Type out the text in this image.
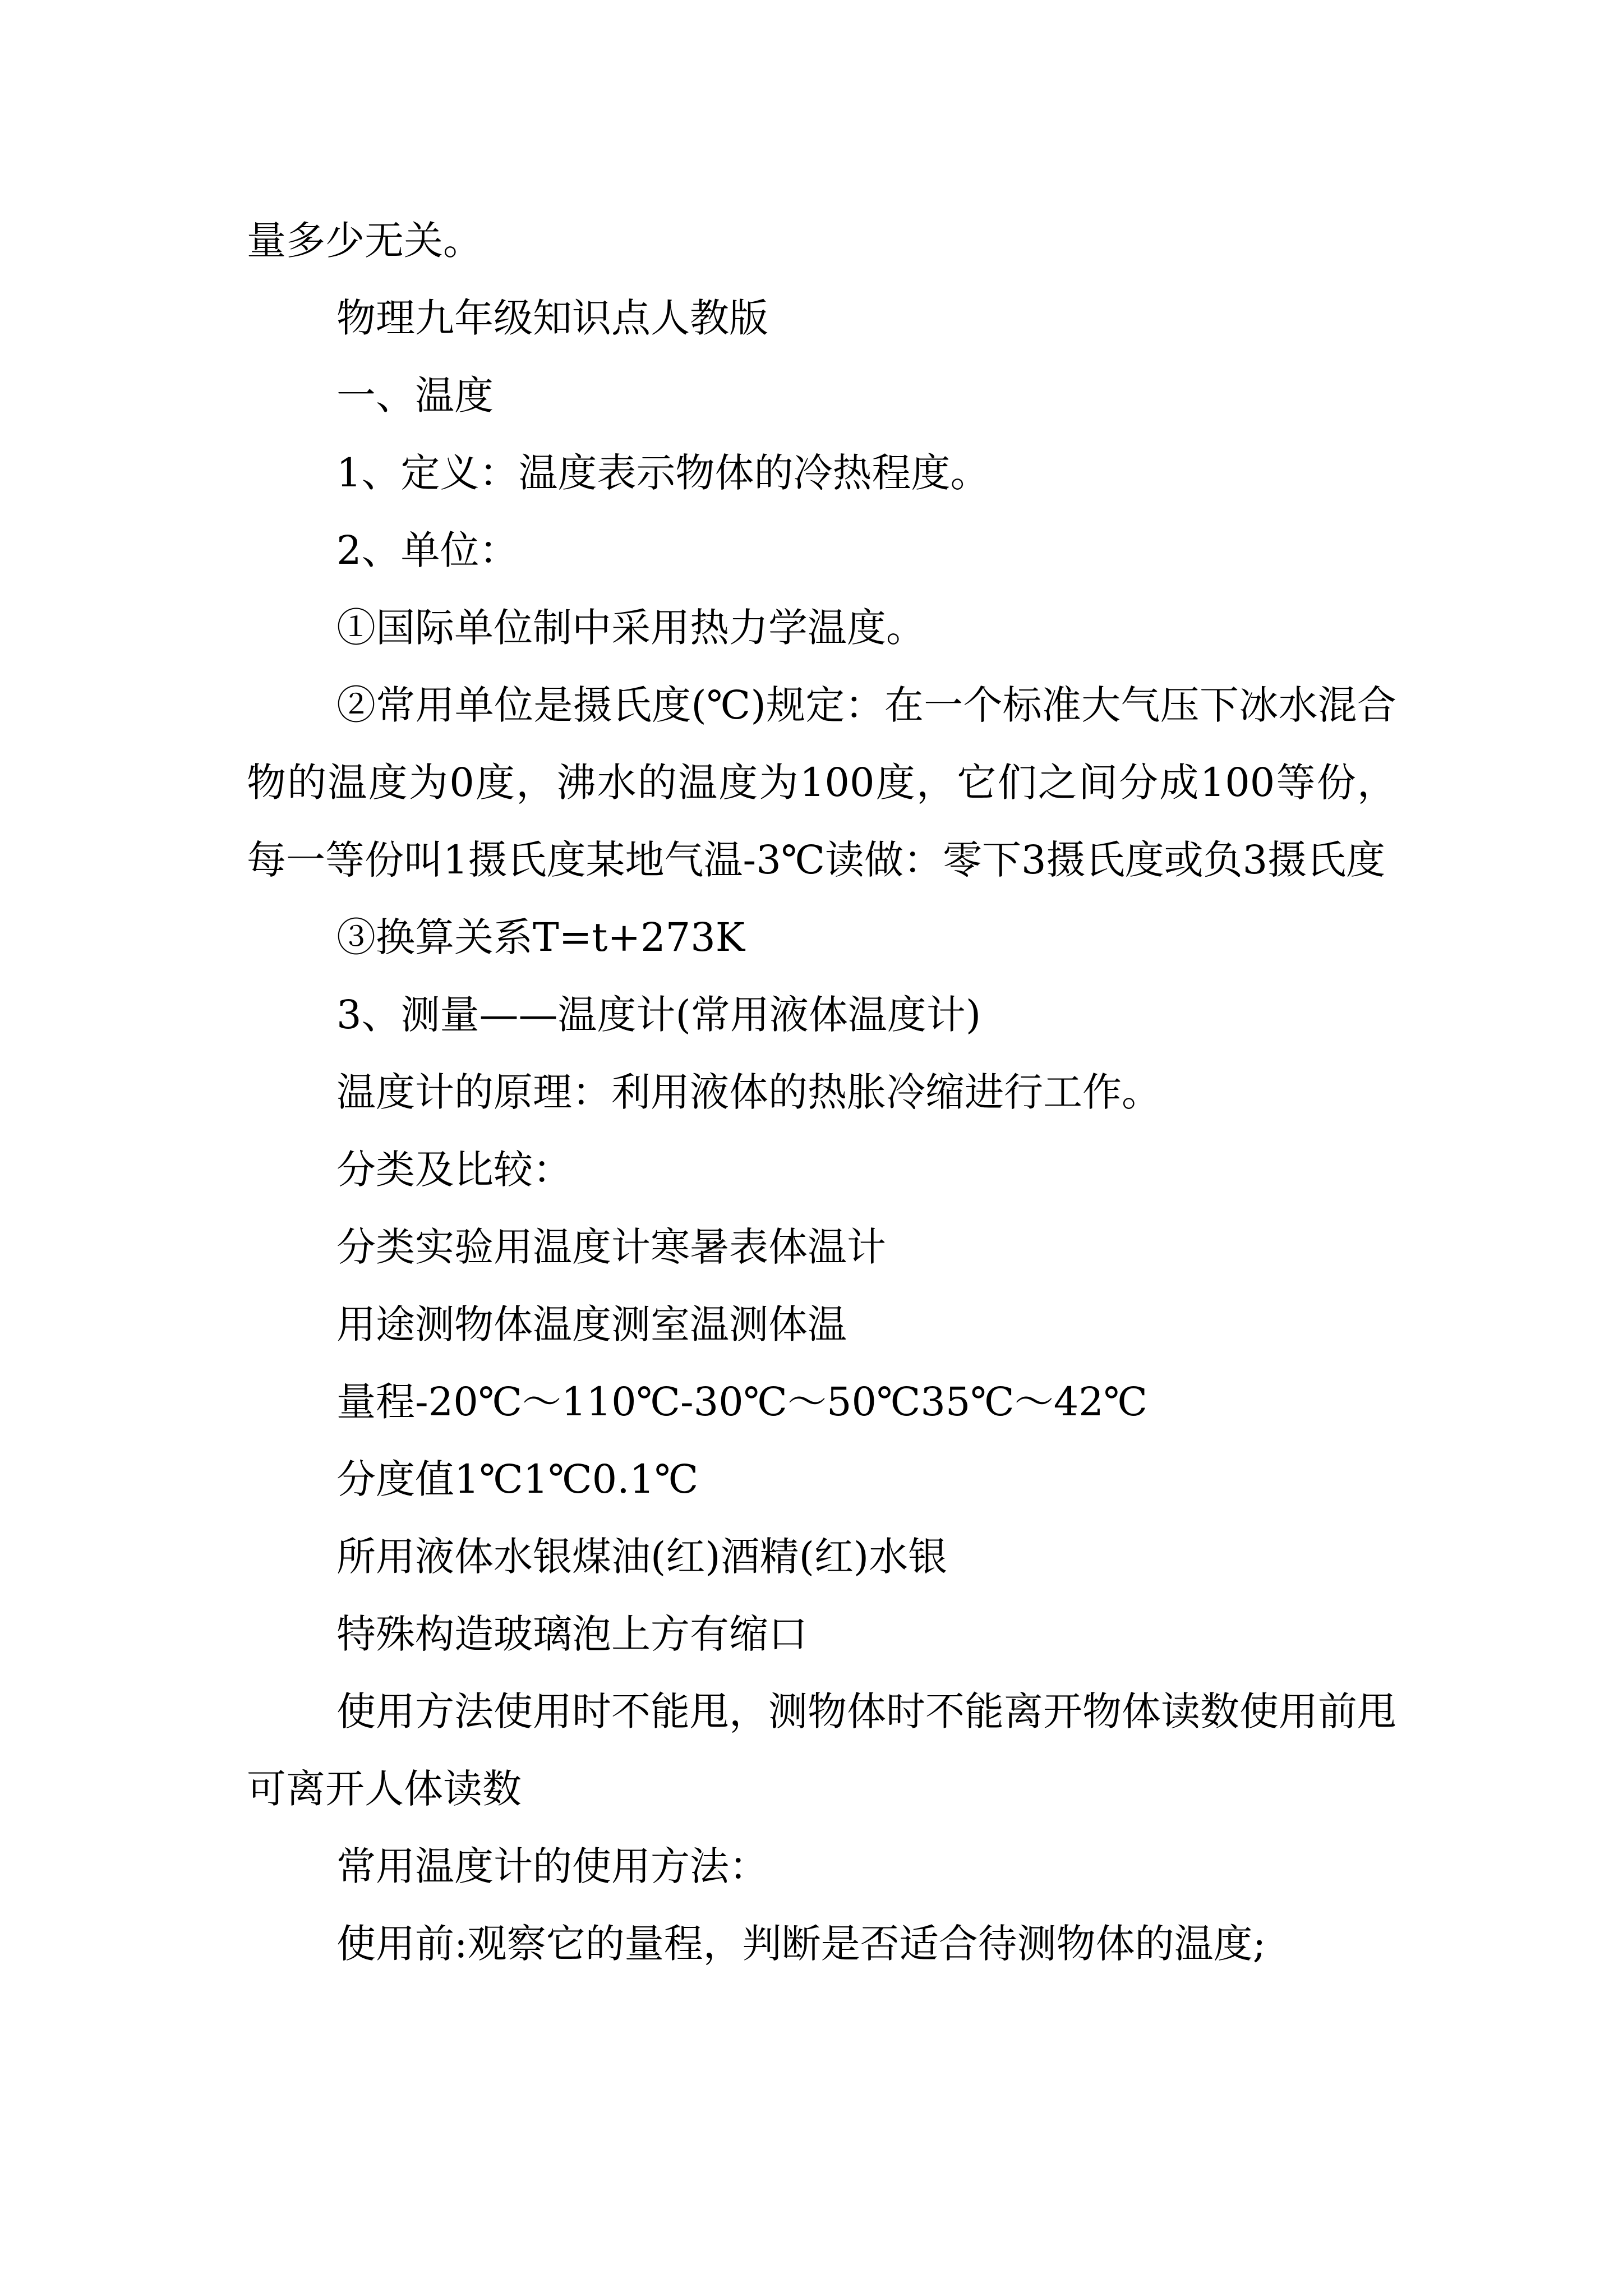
量多少无关。

物理九年级知识点人教版

一、温度

1、定义：温度表示物体的冷热程度。

2、单位：

①国际单位制中采用热力学温度。

②常用单位是摄氏度(℃)规定：在一个标准大气压下冰水混合物的温度为0度，沸水的温度为100度，它们之间分成100等份，每一等份叫1摄氏度某地气温-3℃读做：零下3摄氏度或负3摄氏度

③换算关系T=t+273K

3、测量——温度计(常用液体温度计)

温度计的原理：利用液体的热胀冷缩进行工作。

分类及比较：

分类实验用温度计寒暑表体温计

用途测物体温度测室温测体温

量程-20℃～110℃-30℃～50℃35℃～42℃

分度值1℃1℃0.1℃

所用液体水银煤油(红)酒精(红)水银

特殊构造玻璃泡上方有缩口

使用方法使用时不能甩，测物体时不能离开物体读数使用前甩可离开人体读数

常用温度计的使用方法：

使用前:观察它的量程，判断是否适合待测物体的温度;
